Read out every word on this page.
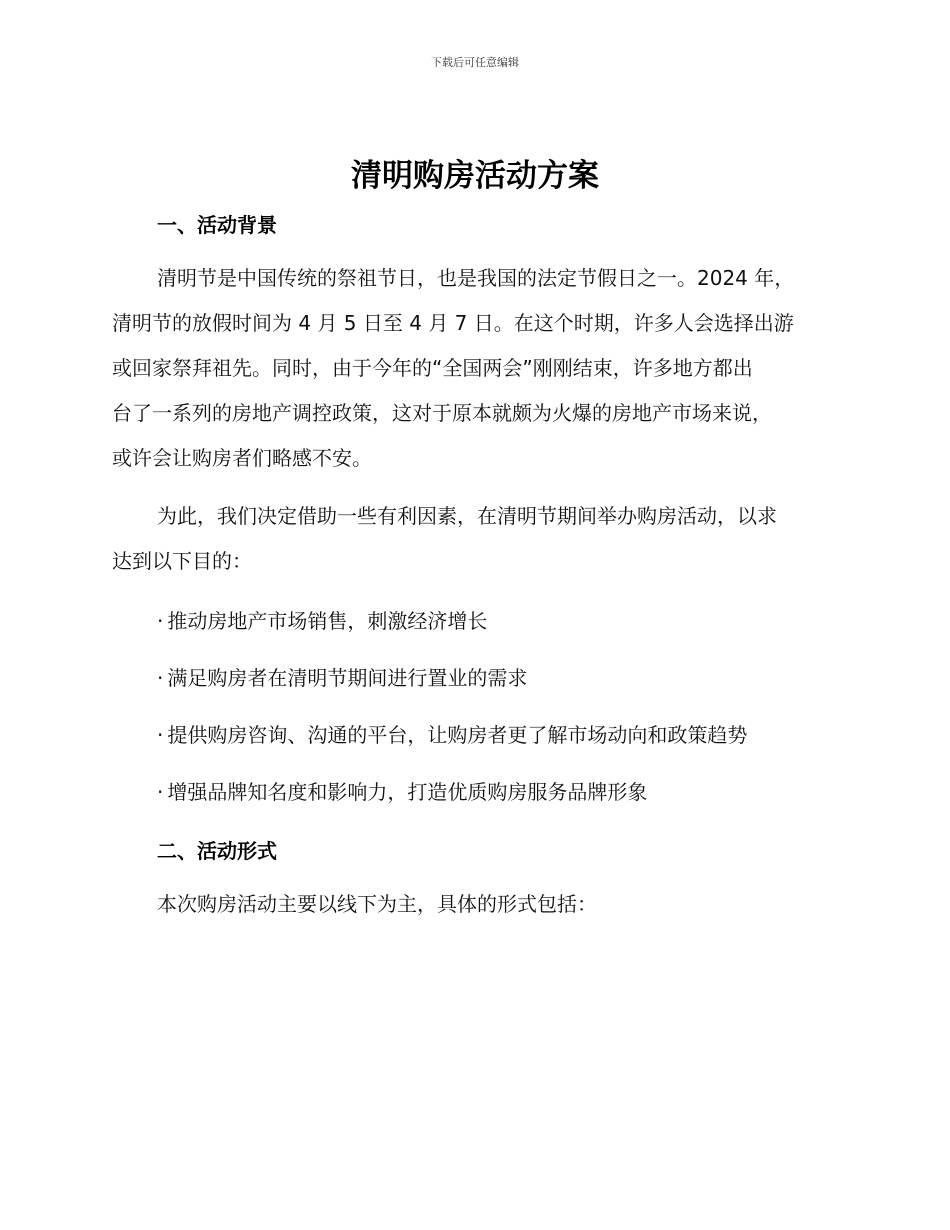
下载后可任意编辑
清明购房活动方案
一、活动背景
清明节是中国传统的祭祖节日，也是我国的法定节假日之一。2024 年，
清明节的放假时间为 4 月 5 日至 4 月 7 日。在这个时期，许多人会选择出游
或回家祭拜祖先。同时，由于今年的“全国两会”刚刚结束，许多地方都出
台了一系列的房地产调控政策，这对于原本就颇为火爆的房地产市场来说，
或许会让购房者们略感不安。
为此，我们决定借助一些有利因素，在清明节期间举办购房活动，以求
达到以下目的：
· 推动房地产市场销售，刺激经济增长
· 满足购房者在清明节期间进行置业的需求
· 提供购房咨询、沟通的平台，让购房者更了解市场动向和政策趋势
· 增强品牌知名度和影响力，打造优质购房服务品牌形象
二、活动形式
本次购房活动主要以线下为主，具体的形式包括：
